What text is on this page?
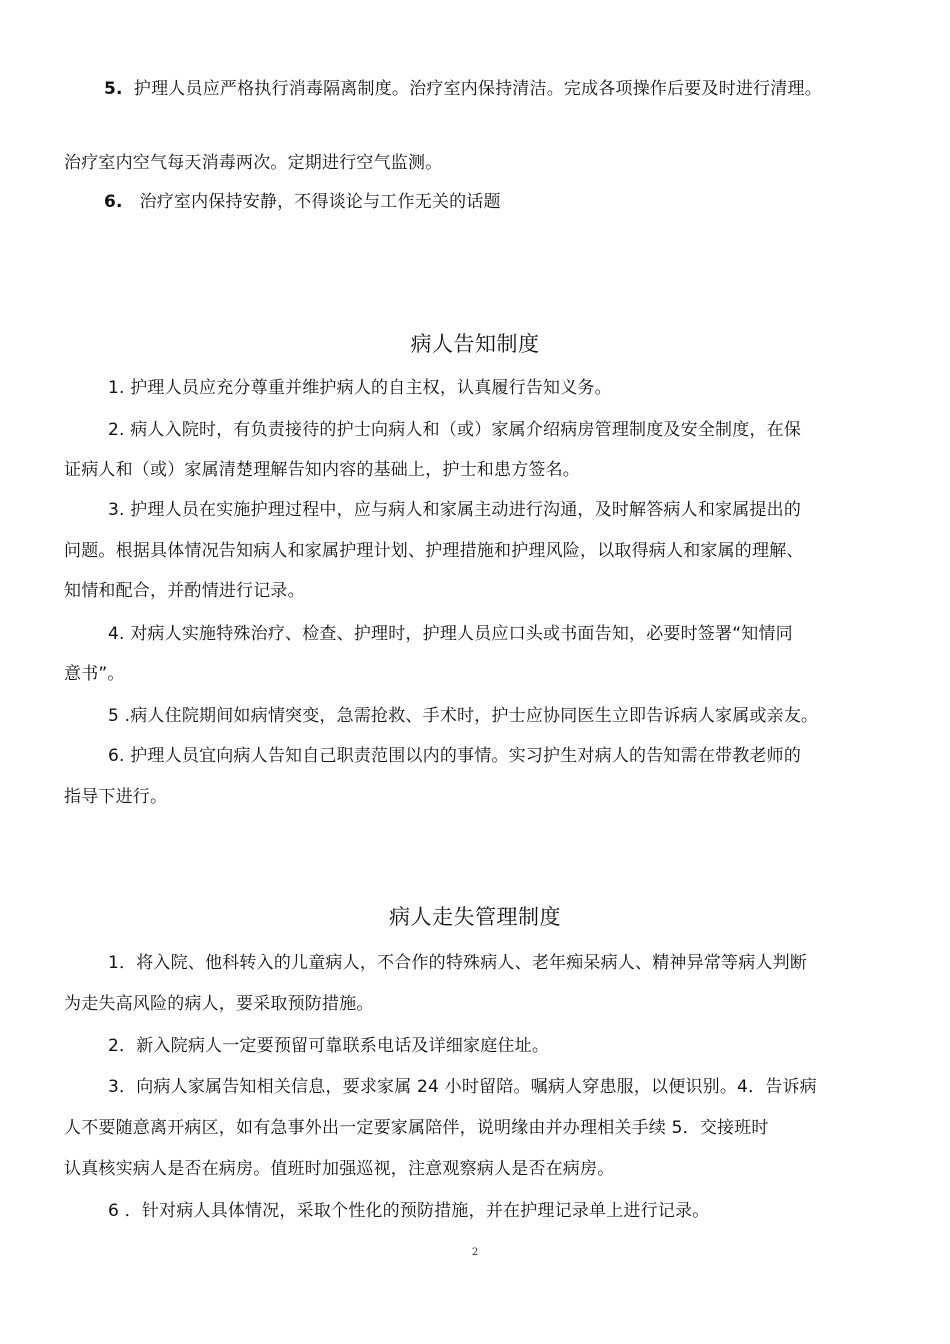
5. 护理人员应严格执行消毒隔离制度。治疗室内保持清洁。完成各项操作后要及时进行清理。
治疗室内空气每天消毒两次。定期进行空气监测。
6. 治疗室内保持安静，不得谈论与工作无关的话题
病人告知制度
1. 护理人员应充分尊重并维护病人的自主权，认真履行告知义务。
2. 病人入院时，有负责接待的护士向病人和（或）家属介绍病房管理制度及安全制度，在保
证病人和（或）家属清楚理解告知内容的基础上，护士和患方签名。
3. 护理人员在实施护理过程中，应与病人和家属主动进行沟通，及时解答病人和家属提出的
问题。根据具体情况告知病人和家属护理计划、护理措施和护理风险，以取得病人和家属的理解、
知情和配合，并酌情进行记录。
4. 对病人实施特殊治疗、检查、护理时，护理人员应口头或书面告知，必要时签署“知情同
意书”。
5 .病人住院期间如病情突变，急需抢救、手术时，护士应协同医生立即告诉病人家属或亲友。
6. 护理人员宜向病人告知自己职责范围以内的事情。实习护生对病人的告知需在带教老师的
指导下进行。
病人走失管理制度
1．将入院、他科转入的儿童病人，不合作的特殊病人、老年痴呆病人、精神异常等病人判断
为走失高风险的病人，要采取预防措施。
2．新入院病人一定要预留可靠联系电话及详细家庭住址。
3．向病人家属告知相关信息，要求家属 24 小时留陪。嘱病人穿患服，以便识别。4．告诉病
人不要随意离开病区，如有急事外出一定要家属陪伴，说明缘由并办理相关手续 5．交接班时
认真核实病人是否在病房。值班时加强巡视，注意观察病人是否在病房。
6 ．针对病人具体情况，采取个性化的预防措施，并在护理记录单上进行记录。
2
